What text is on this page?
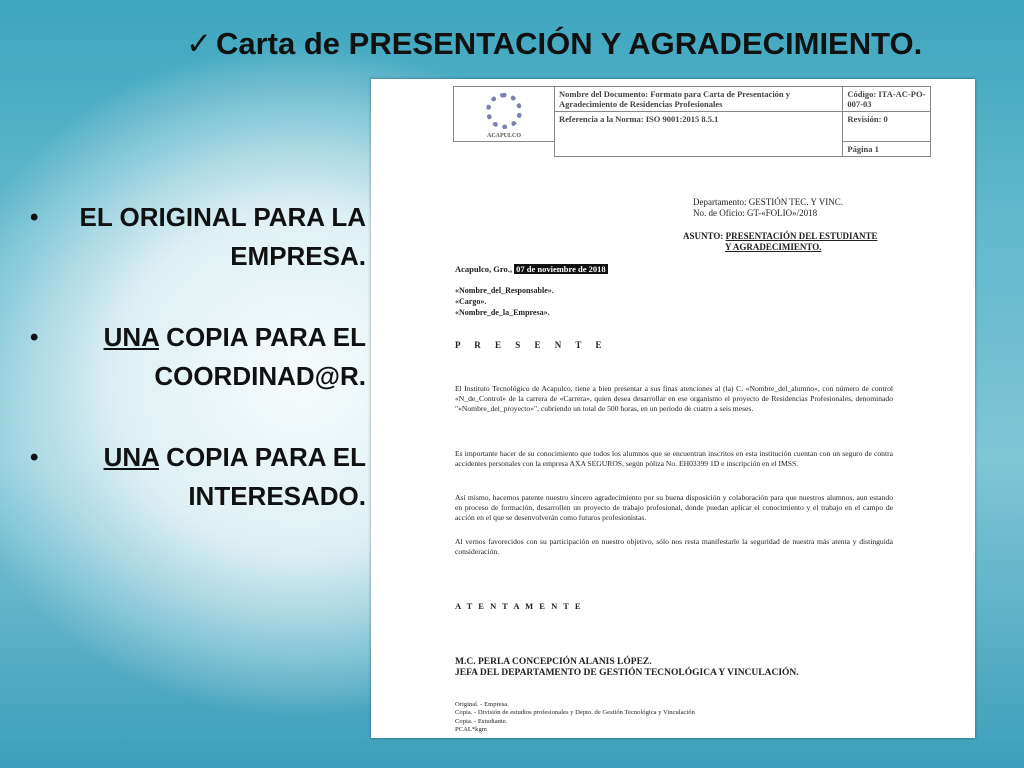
✓ Carta de PRESENTACIÓN Y AGRADECIMIENTO.
• EL ORIGINAL PARA LA EMPRESA.
•	UNA COPIA PARA EL COORDINAD@R.
•	UNA COPIA PARA EL INTERESADO.
ACAPULCO	Nombre del Documento: Formato para Carta de Presentación y Agradecimiento de Residencias Profesionales	Código: ITA-AC-PO-007-03
	Referencia a la Norma: ISO 9001:2015 8.5.1	Revisión: 0
		Página 1
Departamento: GESTIÓN TEC. Y VINC.
No. de Oficio: GT-«FOLIO»/2018
ASUNTO: PRESENTACIÓN DEL ESTUDIANTE
Y AGRADECIMIENTO.
Acapulco, Gro., 07 de noviembre de 2018
«Nombre_del_Responsable».
«Cargo».
«Nombre_de_la_Empresa».
P R E S E N T E
El Instituto Tecnológico de Acapulco, tiene a bien presentar a sus finas atenciones al (la) C. «Nombre_del_alumno», con número de control «N_de_Control» de la carrera de «Carrera», quien desea desarrollar en ese organismo el proyecto de Residencias Profesionales, denominado "«Nombre_del_proyecto»", cubriendo un total de 500 horas, en un período de cuatro a seis meses.
Es importante hacer de su conocimiento que todos los alumnos que se encuentran inscritos en esta institución cuentan con un seguro de contra accidentes personales con la empresa AXA SEGUROS, según póliza No. EH03399 1D e inscripción en el IMSS.
Así mismo, hacemos patente nuestro sincero agradecimiento por su buena disposición y colaboración para que nuestros alumnos, aun estando en proceso de formación, desarrollen un proyecto de trabajo profesional, donde puedan aplicar el conocimiento y el trabajo en el campo de acción en el que se desenvolverán como futuros profesionistas.
Al vernos favorecidos con su participación en nuestro objetivo, sólo nos resta manifestarle la seguridad de nuestra más atenta y distinguida consideración.
A T E N T A M E N T E
M.C. PERLA CONCEPCIÓN ALANIS LÓPEZ.
JEFA DEL DEPARTAMENTO DE GESTIÓN TECNOLÓGICA Y VINCULACIÓN.
Original. - Empresa.
Copia. - División de estudios profesionales y Depto. de Gestión Tecnológica y Vinculación
Copia. - Estudiante.
PCAL*kgm
